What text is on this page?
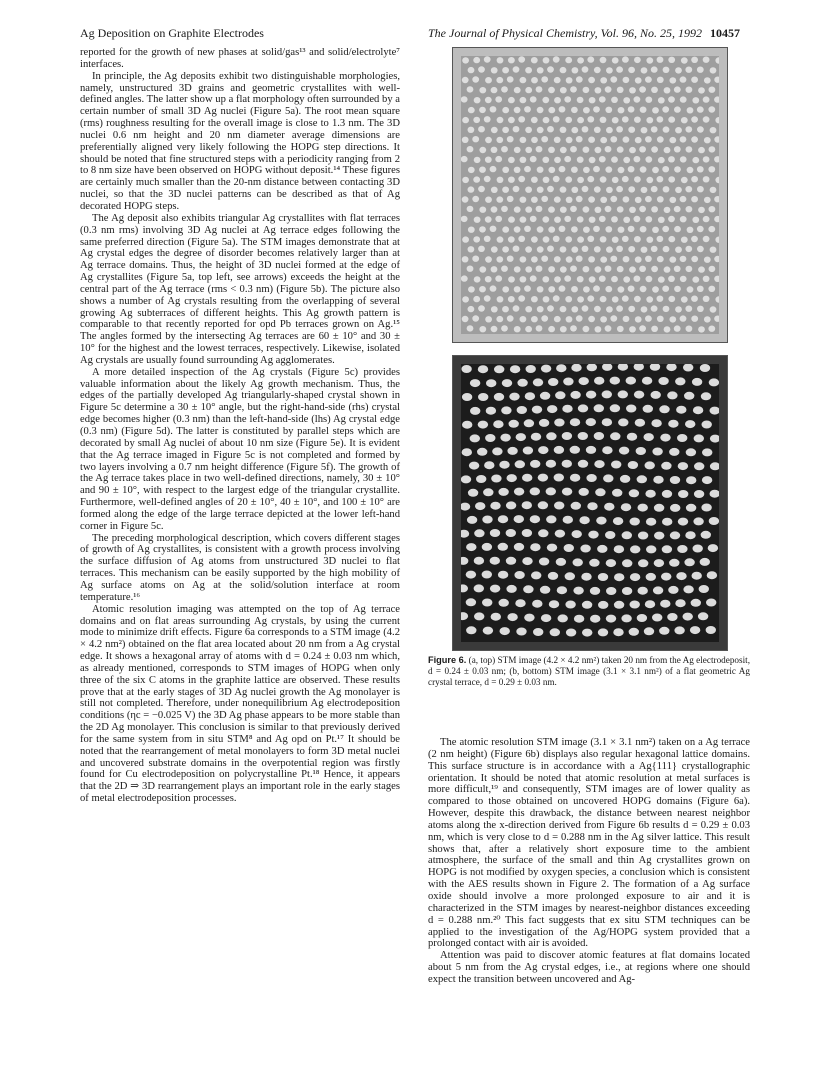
Ag Deposition on Graphite Electrodes	The Journal of Physical Chemistry, Vol. 96, No. 25, 1992 10457

reported for the growth of new phases at solid/gas¹³ and solid/electrolyte⁷ interfaces.

In principle, the Ag deposits exhibit two distinguishable morphologies, namely, unstructured 3D grains and geometric crystallites with well-defined angles. The latter show up a flat morphology often surrounded by a certain number of small 3D Ag nuclei (Figure 5a). The root mean square (rms) roughness resulting for the overall image is close to 1.3 nm. The 3D nuclei 0.6 nm height and 20 nm diameter average dimensions are preferentially aligned very likely following the HOPG step directions. It should be noted that fine structured steps with a periodicity ranging from 2 to 8 nm size have been observed on HOPG without deposit.¹⁴ These figures are certainly much smaller than the 20-nm distance between contacting 3D nuclei, so that the 3D nuclei patterns can be described as that of Ag decorated HOPG steps.

The Ag deposit also exhibits triangular Ag crystallites with flat terraces (0.3 nm rms) involving 3D Ag nuclei at Ag terrace edges following the same preferred direction (Figure 5a). The STM images demonstrate that at Ag crystal edges the degree of disorder becomes relatively larger than at Ag terrace domains. Thus, the height of 3D nuclei formed at the edge of Ag crystallites (Figure 5a, top left, see arrows) exceeds the height at the central part of the Ag terrace (rms < 0.3 nm) (Figure 5b). The picture also shows a number of Ag crystals resulting from the overlapping of several growing Ag subterraces of different heights. This Ag growth pattern is comparable to that recently reported for opd Pb terraces grown on Ag.¹⁵ The angles formed by the intersecting Ag terraces are 60 ± 10° and 30 ± 10° for the highest and the lowest terraces, respectively. Likewise, isolated Ag crystals are usually found surrounding Ag agglomerates.

A more detailed inspection of the Ag crystals (Figure 5c) provides valuable information about the likely Ag growth mechanism. Thus, the edges of the partially developed Ag triangularly-shaped crystal shown in Figure 5c determine a 30 ± 10° angle, but the right-hand-side (rhs) crystal edge becomes higher (0.3 nm) than the left-hand-side (lhs) Ag crystal edge (0.3 nm) (Figure 5d). The latter is constituted by parallel steps which are decorated by small Ag nuclei of about 10 nm size (Figure 5e). It is evident that the Ag terrace imaged in Figure 5c is not completed and formed by two layers involving a 0.7 nm height difference (Figure 5f). The growth of the Ag terrace takes place in two well-defined directions, namely, 30 ± 10° and 90 ± 10°, with respect to the largest edge of the triangular crystallite. Furthermore, well-defined angles of 20 ± 10°, 40 ± 10°, and 100 ± 10° are formed along the edge of the large terrace depicted at the lower left-hand corner in Figure 5c.

The preceding morphological description, which covers different stages of growth of Ag crystallites, is consistent with a growth process involving the surface diffusion of Ag atoms from unstructured 3D nuclei to flat terraces. This mechanism can be easily supported by the high mobility of Ag surface atoms on Ag at the solid/solution interface at room temperature.¹⁶

Atomic resolution imaging was attempted on the top of Ag terrace domains and on flat areas surrounding Ag crystals, by using the current mode to minimize drift effects. Figure 6a corresponds to a STM image (4.2 × 4.2 nm²) obtained on the flat area located about 20 nm from a Ag crystal edge. It shows a hexagonal array of atoms with d = 0.24 ± 0.03 nm which, as already mentioned, corresponds to STM images of HOPG when only three of the six C atoms in the graphite lattice are observed. These results prove that at the early stages of 3D Ag nuclei growth the Ag monolayer is still not completed. Therefore, under nonequilibrium Ag electrodeposition conditions (ηc = −0.025 V) the 3D Ag phase appears to be more stable than the 2D Ag monolayer. This conclusion is similar to that previously derived for the same system from in situ STM⁸ and Ag opd on Pt.¹⁷ It should be noted that the rearrangement of metal monolayers to form 3D metal nuclei and uncovered substrate domains in the overpotential region was firstly found for Cu electrodeposition on polycrystalline Pt.¹⁸ Hence, it appears that the 2D ⇒ 3D rearrangement plays an important role in the early stages of metal electrodeposition processes.

Figure 6. (a, top) STM image (4.2 × 4.2 nm²) taken 20 nm from the Ag electrodeposit, d = 0.24 ± 0.03 nm; (b, bottom) STM image (3.1 × 3.1 nm²) of a flat geometric Ag crystal terrace, d = 0.29 ± 0.03 nm.

The atomic resolution STM image (3.1 × 3.1 nm²) taken on a Ag terrace (2 nm height) (Figure 6b) displays also regular hexagonal lattice domains. This surface structure is in accordance with a Ag{111} crystallographic orientation. It should be noted that atomic resolution at metal surfaces is more difficult,¹⁹ and consequently, STM images are of lower quality as compared to those obtained on uncovered HOPG domains (Figure 6a). However, despite this drawback, the distance between nearest neighbor atoms along the x-direction derived from Figure 6b results d = 0.29 ± 0.03 nm, which is very close to d = 0.288 nm in the Ag silver lattice. This result shows that, after a relatively short exposure time to the ambient atmosphere, the surface of the small and thin Ag crystallites grown on HOPG is not modified by oxygen species, a conclusion which is consistent with the AES results shown in Figure 2. The formation of a Ag surface oxide should involve a more prolonged exposure to air and it is characterized in the STM images by nearest-neighbor distances exceeding d = 0.288 nm.²⁰ This fact suggests that ex situ STM techniques can be applied to the investigation of the Ag/HOPG system provided that a prolonged contact with air is avoided.

Attention was paid to discover atomic features at flat domains located about 5 nm from the Ag crystal edges, i.e., at regions where one should expect the transition between uncovered and Ag-
